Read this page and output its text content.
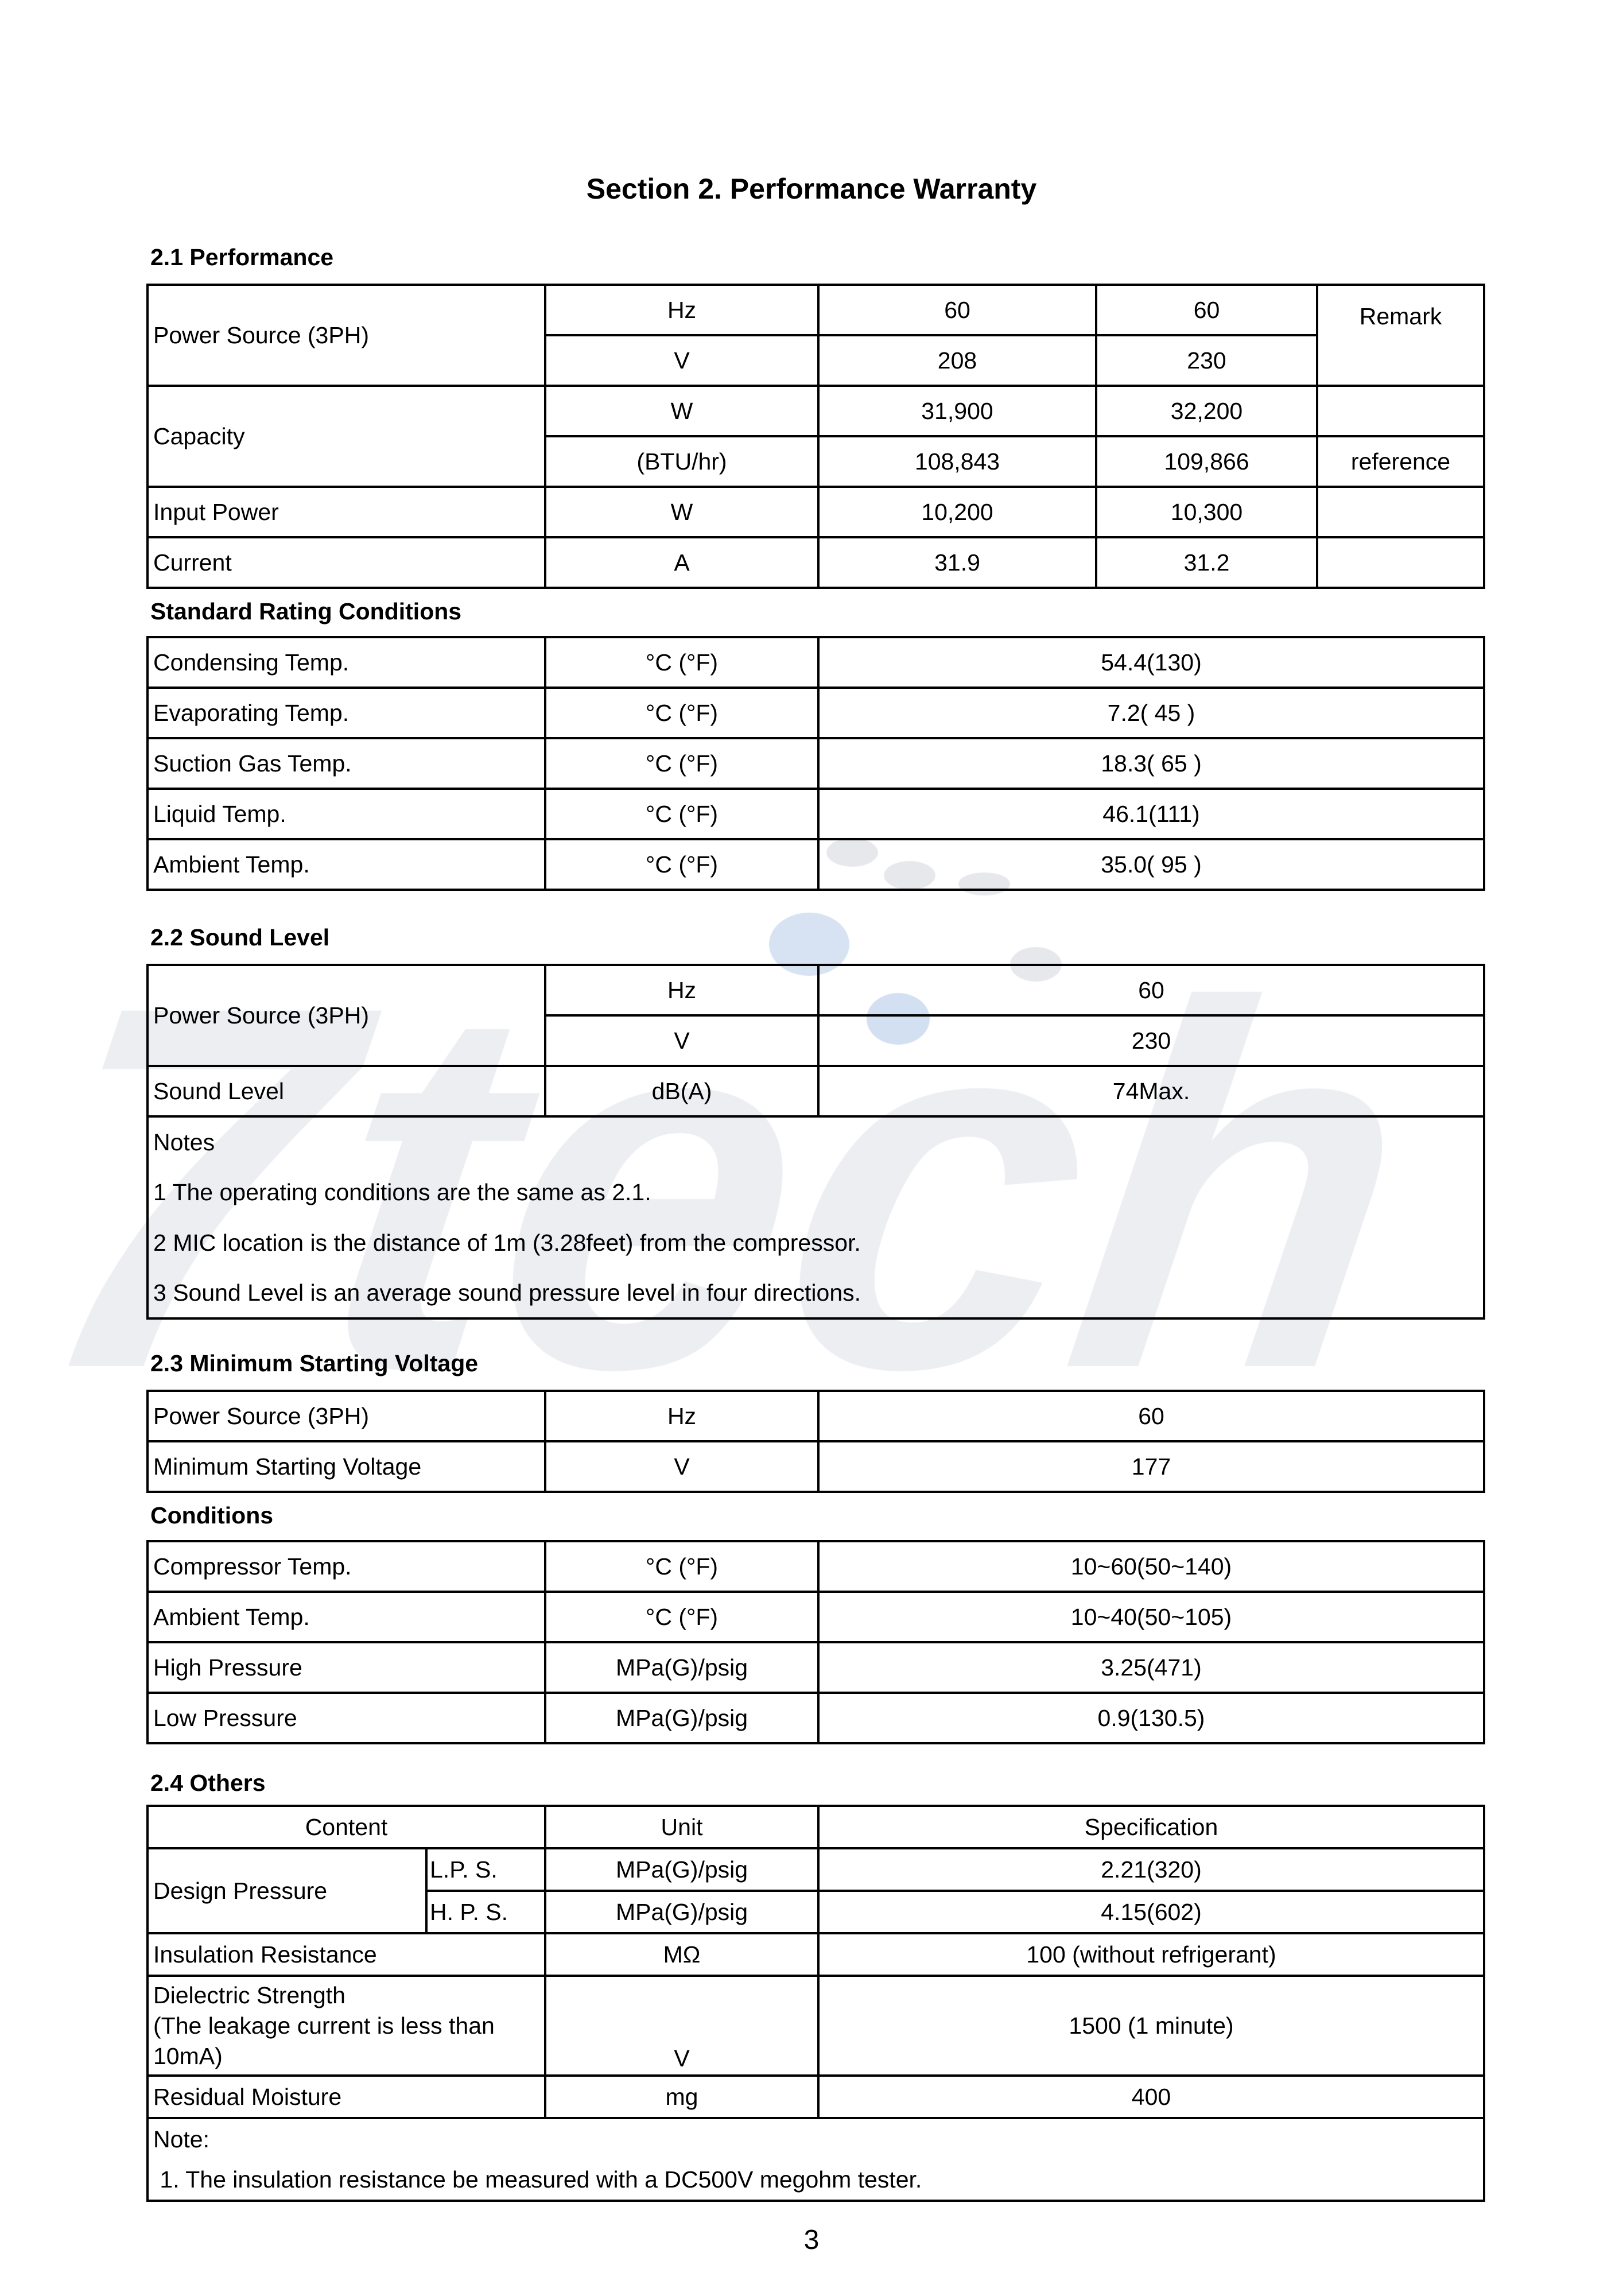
Section 2. Performance Warranty
2.1 Performance
Power Source (3PH)	Hz	60	60	Remark
	V	208	230	
Capacity	W	31,900	32,200	
	(BTU/hr)	108,843	109,866	reference
Input Power	W	10,200	10,300	
Current	A	31.9	31.2	
Standard Rating Conditions
Condensing Temp.	°C (°F)	54.4(130)
Evaporating Temp.	°C (°F)	7.2( 45 )
Suction Gas Temp.	°C (°F)	18.3( 65 )
Liquid Temp.	°C (°F)	46.1(111)
Ambient Temp.	°C (°F)	35.0( 95 )
2.2 Sound Level
Power Source (3PH)	Hz	60
	V	230
Sound Level	dB(A)	74Max.
Notes		
1 The operating conditions are the same as 2.1.		
2 MIC location is the distance of 1m (3.28feet) from the compressor.		
3 Sound Level is an average sound pressure level in four directions.		
2.3 Minimum Starting Voltage
Power Source (3PH)	Hz	60
Minimum Starting Voltage	V	177
Conditions
Compressor Temp.	°C (°F)	10~60(50~140)
Ambient Temp.	°C (°F)	10~40(50~105)
High Pressure	MPa(G)/psig	3.25(471)
Low Pressure	MPa(G)/psig	0.9(130.5)
2.4 Others
Content		Unit	Specification
Design Pressure	L.P. S.	MPa(G)/psig	2.21(320)
	H. P. S.	MPa(G)/psig	4.15(602)
Insulation Resistance		MΩ	100 (without refrigerant)

Dielectric Strength
(The leakage current is less than
10mA)		V	1500 (1 minute)
Residual Moisture		mg	400
Note:			
1. The insulation resistance be measured with a DC500V megohm tester.			
3
